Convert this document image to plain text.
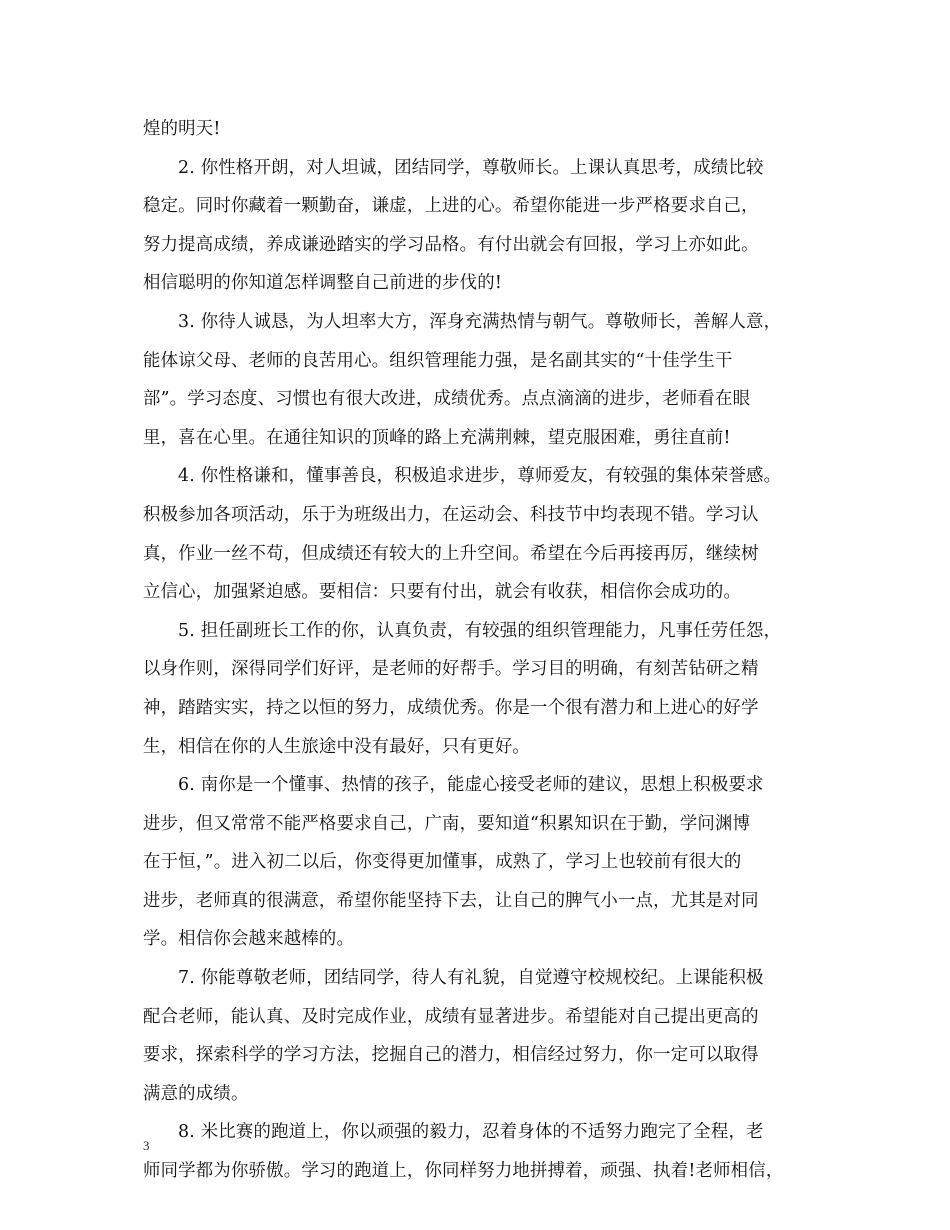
煌的明天!
2. 你性格开朗，对人坦诚，团结同学，尊敬师长。上课认真思考，成绩比较
稳定。同时你藏着一颗勤奋，谦虚，上进的心。希望你能进一步严格要求自己，
努力提高成绩，养成谦逊踏实的学习品格。有付出就会有回报，学习上亦如此。
相信聪明的你知道怎样调整自己前进的步伐的!
3. 你待人诚恳，为人坦率大方，浑身充满热情与朝气。尊敬师长，善解人意，
能体谅父母、老师的良苦用心。组织管理能力强，是名副其实的“十佳学生干
部”。学习态度、习惯也有很大改进，成绩优秀。点点滴滴的进步，老师看在眼
里，喜在心里。在通往知识的顶峰的路上充满荆棘，望克服困难，勇往直前!
4. 你性格谦和，懂事善良，积极追求进步，尊师爱友，有较强的集体荣誉感。
积极参加各项活动，乐于为班级出力，在运动会、科技节中均表现不错。学习认
真，作业一丝不苟，但成绩还有较大的上升空间。希望在今后再接再厉，继续树
立信心，加强紧迫感。要相信：只要有付出，就会有收获，相信你会成功的。
5. 担任副班长工作的你，认真负责，有较强的组织管理能力，凡事任劳任怨，
以身作则，深得同学们好评，是老师的好帮手。学习目的明确，有刻苦钻研之精
神，踏踏实实，持之以恒的努力，成绩优秀。你是一个很有潜力和上进心的好学
生，相信在你的人生旅途中没有最好，只有更好。
6. 南你是一个懂事、热情的孩子，能虚心接受老师的建议，思想上积极要求
进步，但又常常不能严格要求自己，广南，要知道“积累知识在于勤，学问渊博
在于恒，”。进入初二以后，你变得更加懂事，成熟了，学习上也较前有很大的
进步，老师真的很满意，希望你能坚持下去，让自己的脾气小一点，尤其是对同
学。相信你会越来越棒的。
7. 你能尊敬老师，团结同学，待人有礼貌，自觉遵守校规校纪。上课能积极
配合老师，能认真、及时完成作业，成绩有显著进步。希望能对自己提出更高的
要求，探索科学的学习方法，挖掘自己的潜力，相信经过努力，你一定可以取得
满意的成绩。
8. 米比赛的跑道上，你以顽强的毅力，忍着身体的不适努力跑完了全程，老
师同学都为你骄傲。学习的跑道上，你同样努力地拼搏着，顽强、执着!老师相信，
3
